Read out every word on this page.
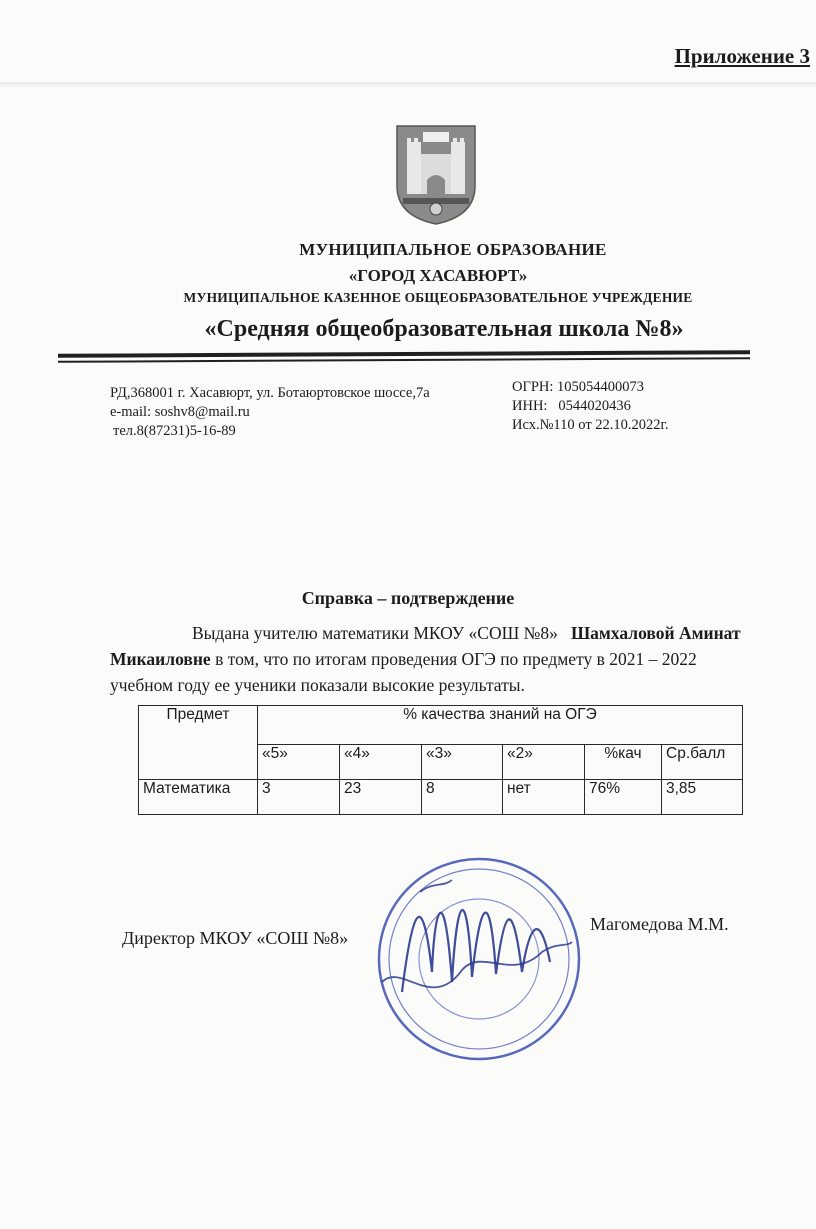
Приложение 3
МУНИЦИПАЛЬНОЕ ОБРАЗОВАНИЕ
«ГОРОД ХАСАВЮРТ»
МУНИЦИПАЛЬНОЕ КАЗЕННОЕ ОБЩЕОБРАЗОВАТЕЛЬНОЕ УЧРЕЖДЕНИЕ
«Средняя общеобразовательная школа №8»
РД,368001 г. Хасавюрт, ул. Ботаюртовское шоссе,7а
e-mail: soshv8@mail.ru
тел.8(87231)5-16-89
ОГРН: 105054400073
ИНН:   0544020436
Исх.№110 от 22.10.2022г.
Справка – подтверждение
Выдана учителю математики МКОУ «СОШ №8» Шамхаловой Аминат Микаиловне в том, что по итогам проведения ОГЭ по предмету в 2021 – 2022 учебном году ее ученики показали высокие результаты.
Предмет	% качества знаний на ОГЭ					
	«5»	«4»	«3»	«2»	%кач	Ср.балл
Математика	3	23	8	нет	76%	3,85
Директор МКОУ «СОШ №8»
Магомедова М.М.
